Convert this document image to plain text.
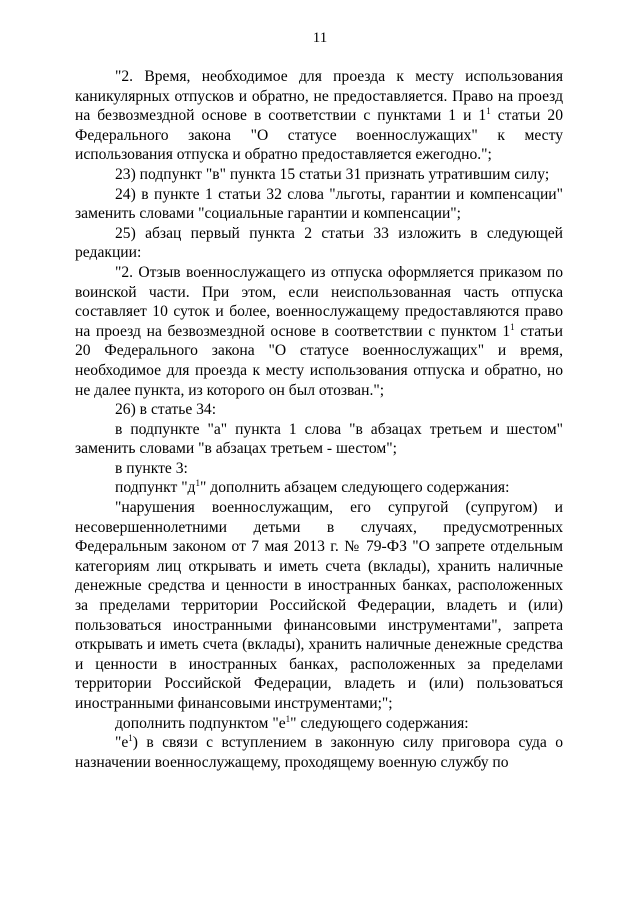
11

"2. Время, необходимое для проезда к месту использования каникулярных отпусков и обратно, не предоставляется. Право на проезд на безвозмездной основе в соответствии с пунктами 1 и $1^1$ статьи 20 Федерального закона "О статусе военнослужащих" к месту использования отпуска и обратно предоставляется ежегодно.";

23) подпункт "в" пункта 15 статьи 31 признать утратившим силу;

24) в пункте 1 статьи 32 слова "льготы, гарантии и компенсации" заменить словами "социальные гарантии и компенсации";

25) абзац первый пункта 2 статьи 33 изложить в следующей редакции:

"2. Отзыв военнослужащего из отпуска оформляется приказом по воинской части. При этом, если неиспользованная часть отпуска составляет 10 суток и более, военнослужащему предоставляются право на проезд на безвозмездной основе в соответствии с пунктом $1^1$ статьи 20 Федерального закона "О статусе военнослужащих" и время, необходимое для проезда к месту использования отпуска и обратно, но не далее пункта, из которого он был отозван.";

26) в статье 34:

в подпункте "а" пункта 1 слова "в абзацах третьем и шестом" заменить словами "в абзацах третьем - шестом";

в пункте 3:

подпункт "$д^1$" дополнить абзацем следующего содержания:

"нарушения военнослужащим, его супругой (супругом) и несовершеннолетними детьми в случаях, предусмотренных Федеральным законом от 7 мая 2013 г. № 79-ФЗ "О запрете отдельным категориям лиц открывать и иметь счета (вклады), хранить наличные денежные средства и ценности в иностранных банках, расположенных за пределами территории Российской Федерации, владеть и (или) пользоваться иностранными финансовыми инструментами", запрета открывать и иметь счета (вклады), хранить наличные денежные средства и ценности в иностранных банках, расположенных за пределами территории Российской Федерации, владеть и (или) пользоваться иностранными финансовыми инструментами;";

дополнить подпунктом "$е^1$" следующего содержания:

"$е^1$) в связи с вступлением в законную силу приговора суда о назначении военнослужащему, проходящему военную службу по
